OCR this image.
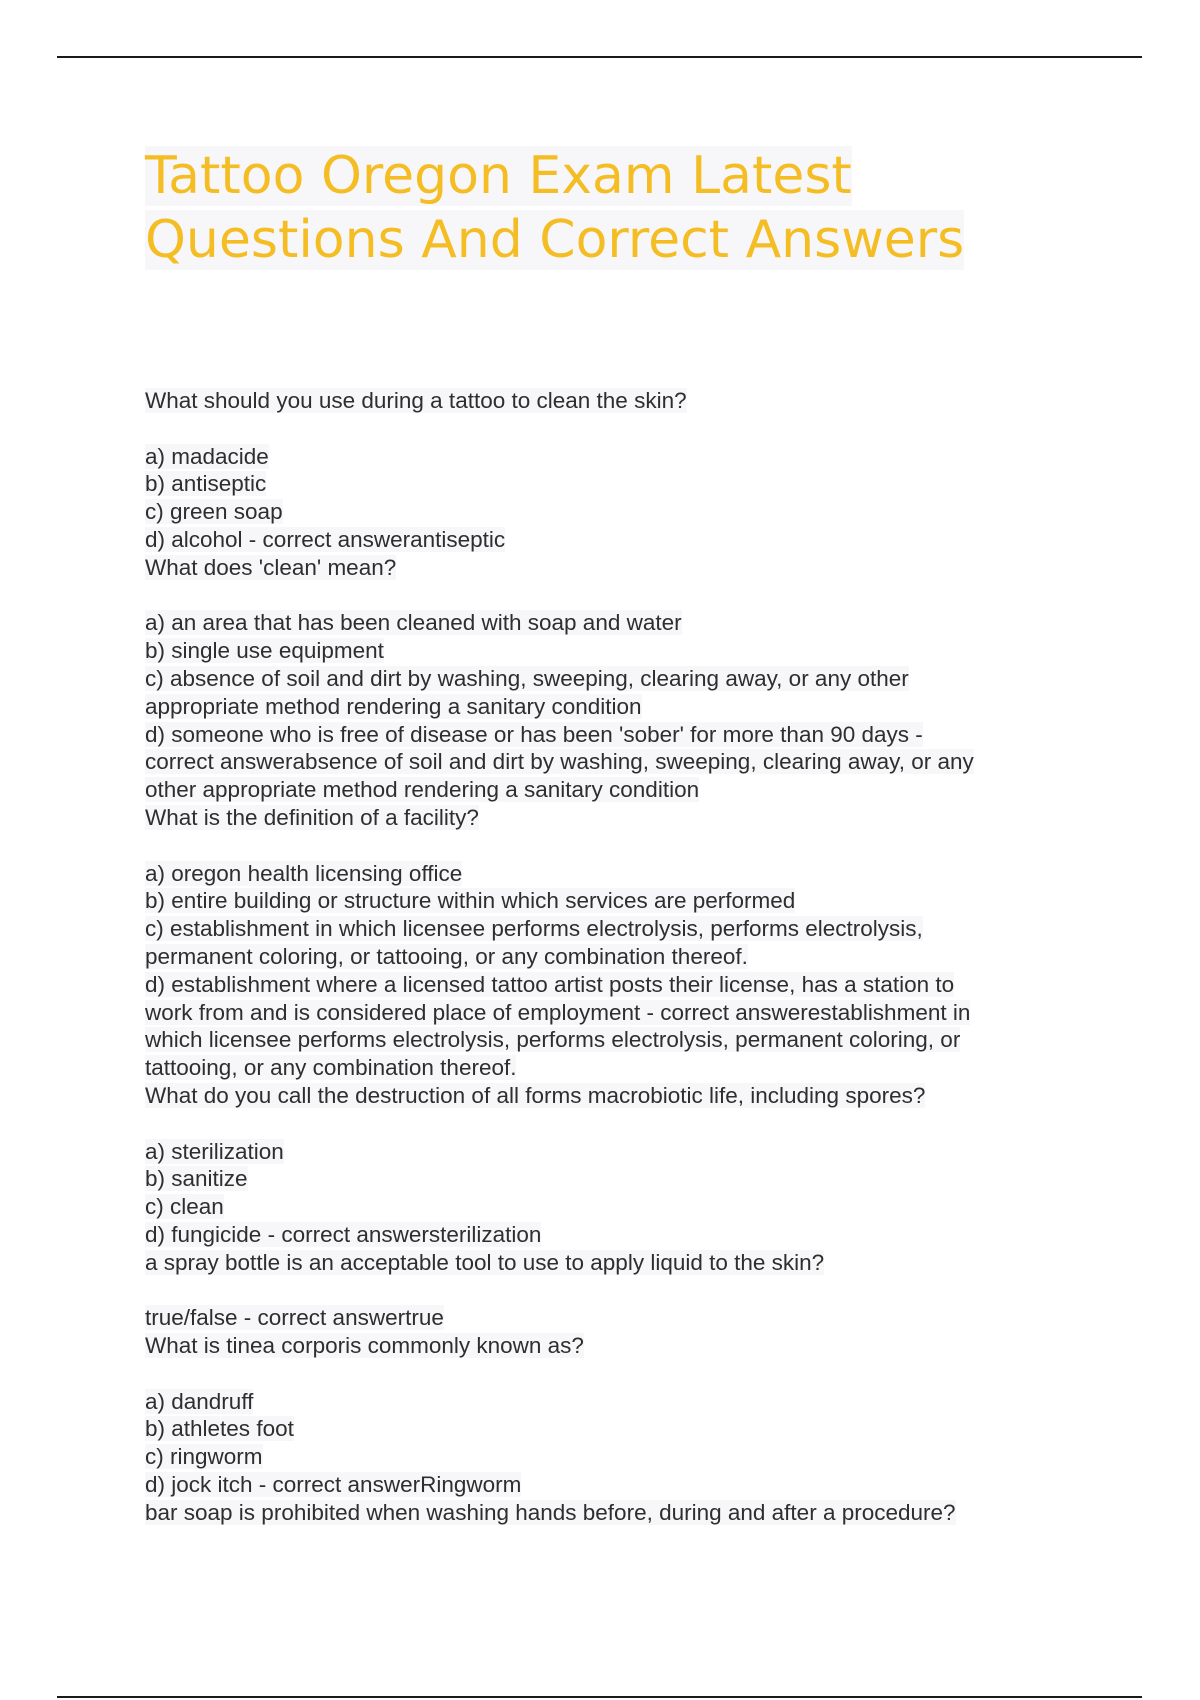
Tattoo Oregon Exam Latest Questions And Correct Answers
What should you use during a tattoo to clean the skin?
a) madacide
b) antiseptic
c) green soap
d) alcohol - correct answerantiseptic
What does 'clean' mean?
a) an area that has been cleaned with soap and water
b) single use equipment
c) absence of soil and dirt by washing, sweeping, clearing away, or any other
appropriate method rendering a sanitary condition
d) someone who is free of disease or has been 'sober' for more than 90 days -
correct answerabsence of soil and dirt by washing, sweeping, clearing away, or any
other appropriate method rendering a sanitary condition
What is the definition of a facility?
a) oregon health licensing office
b) entire building or structure within which services are performed
c) establishment in which licensee performs electrolysis, performs electrolysis,
permanent coloring, or tattooing, or any combination thereof.
d) establishment where a licensed tattoo artist posts their license, has a station to
work from and is considered place of employment - correct answerestablishment in
which licensee performs electrolysis, performs electrolysis, permanent coloring, or
tattooing, or any combination thereof.
What do you call the destruction of all forms macrobiotic life, including spores?
a) sterilization
b) sanitize
c) clean
d) fungicide - correct answersterilization
a spray bottle is an acceptable tool to use to apply liquid to the skin?
true/false - correct answertrue
What is tinea corporis commonly known as?
a) dandruff
b) athletes foot
c) ringworm
d) jock itch - correct answerRingworm
bar soap is prohibited when washing hands before, during and after a procedure?
